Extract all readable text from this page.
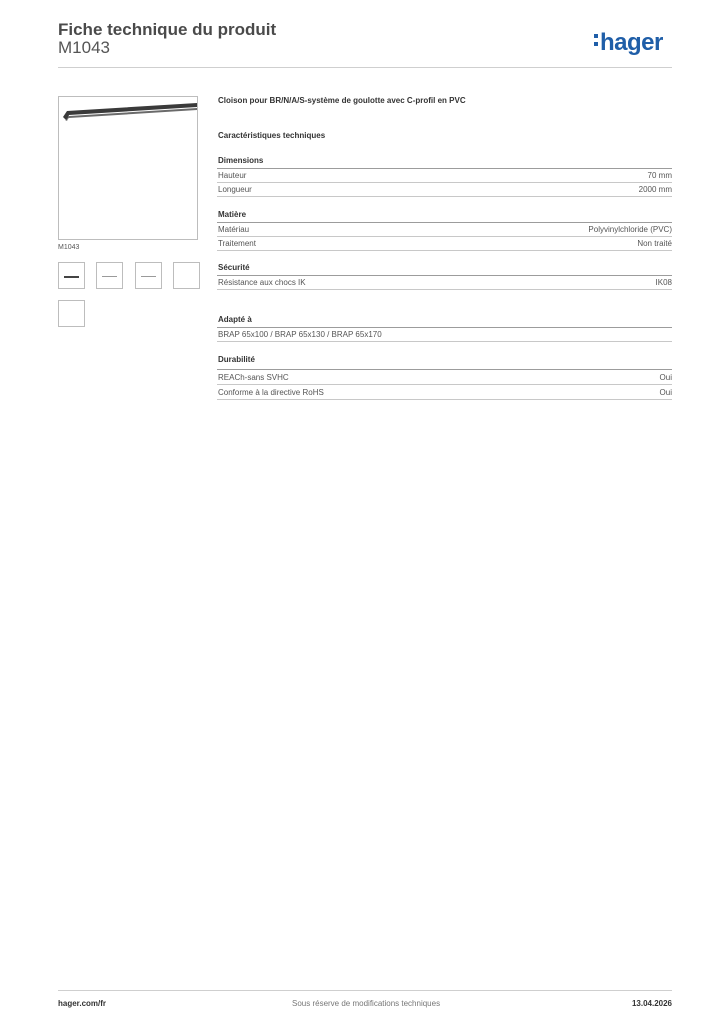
Fiche technique du produit
M1043	hager
M1043
Cloison pour BR/N/A/S-système de goulotte avec C-profil en PVC
Caractéristiques techniques
Dimensions
Hauteur	70 mm
Longueur	2000 mm
Matière
Matériau	Polyvinylchloride (PVC)
Traitement	Non traité
Sécurité
Résistance aux chocs IK	IK08
Adapté à
BRAP 65x100 / BRAP 65x130 / BRAP 65x170
Durabilité
REACh-sans SVHC	Oui
Conforme à la directive RoHS	Oui
hager.com/fr	Sous réserve de modifications techniques	13.04.2026
